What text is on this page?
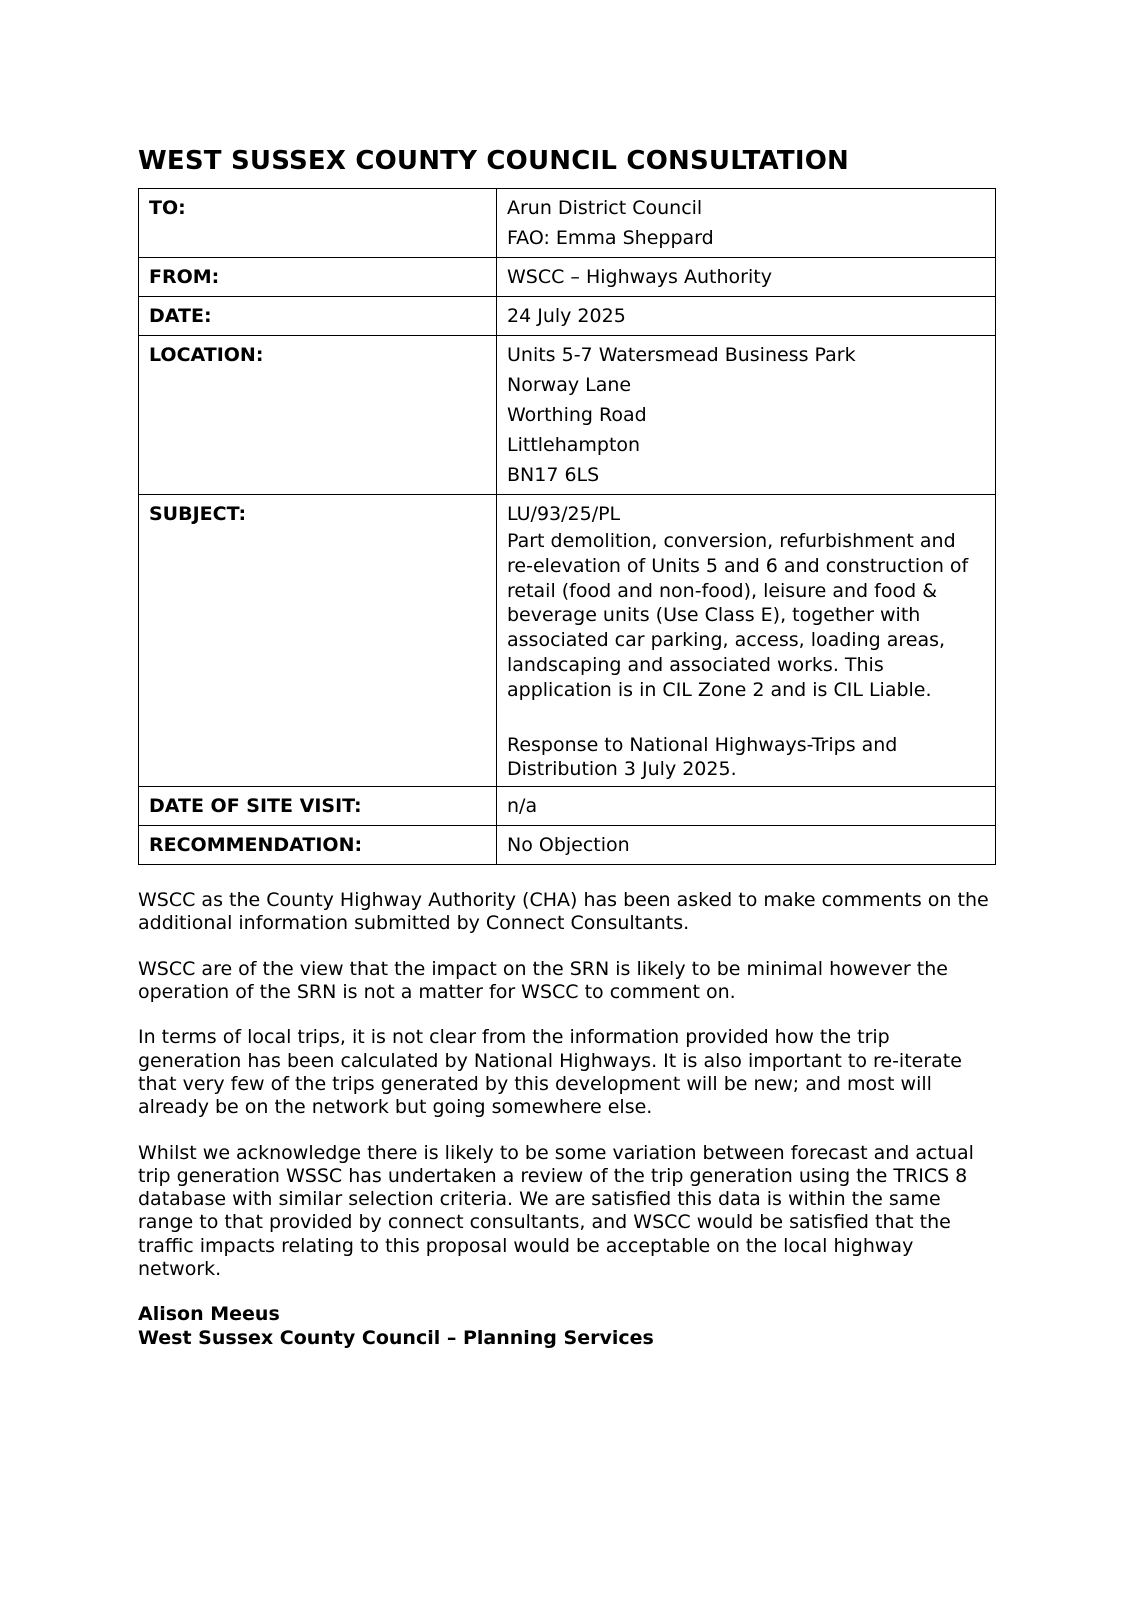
WEST SUSSEX COUNTY COUNCIL CONSULTATION
TO:	Arun District Council
FAO: Emma Sheppard

FROM:	WSCC – Highways Authority
DATE:	24 July 2025
LOCATION:	Units 5-7 Watersmead Business Park
Norway Lane
Worthing Road
Littlehampton
BN17 6LS

SUBJECT:	LU/93/25/PL
Part demolition, conversion, refurbishment and re-elevation of Units 5 and 6 and construction of retail (food and non-food), leisure and food & beverage units (Use Class E), together with associated car parking, access, loading areas, landscaping and associated works. This application is in CIL Zone 2 and is CIL Liable.
Response to National Highways-Trips and Distribution 3 July 2025.

DATE OF SITE VISIT:	n/a
RECOMMENDATION:	No Objection

WSCC as the County Highway Authority (CHA) has been asked to make comments on the additional information submitted by Connect Consultants.

WSCC are of the view that the impact on the SRN is likely to be minimal however the operation of the SRN is not a matter for WSCC to comment on.

In terms of local trips, it is not clear from the information provided how the trip generation has been calculated by National Highways. It is also important to re-iterate that very few of the trips generated by this development will be new; and most will already be on the network but going somewhere else.

Whilst we acknowledge there is likely to be some variation between forecast and actual trip generation WSSC has undertaken a review of the trip generation using the TRICS 8 database with similar selection criteria. We are satisfied this data is within the same range to that provided by connect consultants, and WSCC would be satisfied that the traffic impacts relating to this proposal would be acceptable on the local highway network.

Alison Meeus
West Sussex County Council – Planning Services
